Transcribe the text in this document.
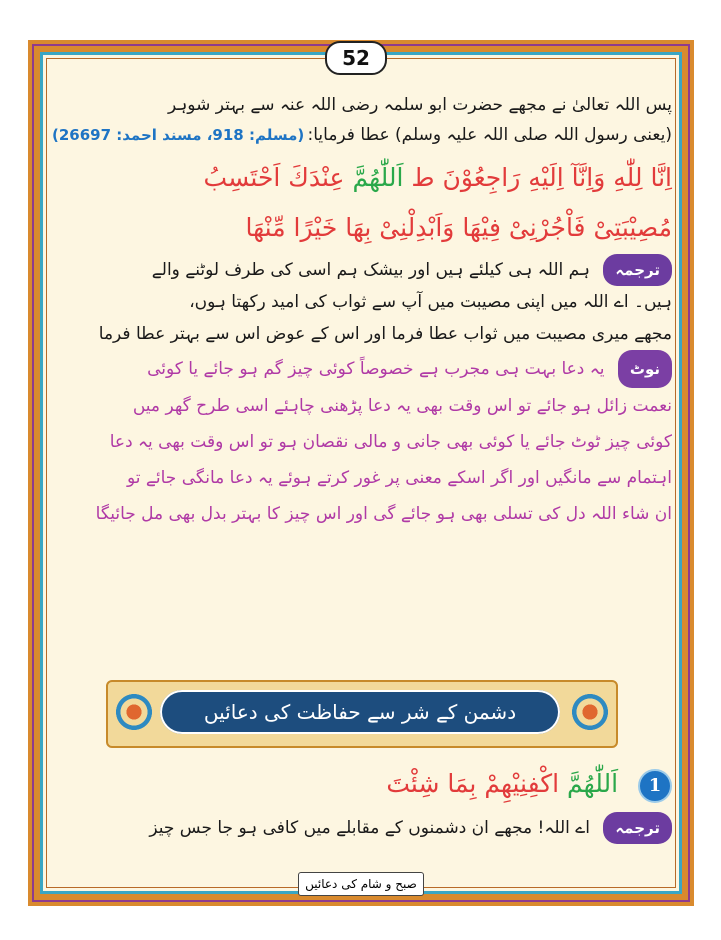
52

پس اللہ تعالیٰ نے مجھے حضرت ابو سلمہ رضی اللہ عنہ سے بہتر شوہر

(یعنی رسول اللہ صلی اللہ علیہ وسلم) عطا فرمایا:
(مسلم: 918، مسند احمد: 26697)

اِنَّا لِلّٰهِ وَاِنَّآ اِلَيْهِ رَاجِعُوْنَ ط اَللّٰهُمَّ عِنْدَكَ اَحْتَسِبُ

مُصِيْبَتِىْ فَاْجُرْنِىْ فِيْهَا وَاَبْدِلْنِىْ بِهَا خَيْرًا مِّنْهَا

ترجمہ ہم اللہ ہی کیلئے ہیں اور بیشک ہم اسی کی طرف لوٹنے والے

ہیں۔ اے اللہ میں اپنی مصیبت میں آپ سے ثواب کی امید رکھتا ہوں،

مجھے میری مصیبت میں ثواب عطا فرما اور اس کے عوض اس سے بہتر عطا فرما

نوٹ یہ دعا بہت ہی مجرب ہے خصوصاً کوئی چیز گم ہو جائے یا کوئی

نعمت زائل ہو جائے تو اس وقت بھی یہ دعا پڑھنی چاہئے اسی طرح گھر میں

کوئی چیز ٹوٹ جائے یا کوئی بھی جانی و مالی نقصان ہو تو اس وقت بھی یہ دعا

اہتمام سے مانگیں اور اگر اسکے معنی پر غور کرتے ہوئے یہ دعا مانگی جائے تو

ان شاء اللہ دل کی تسلی بھی ہو جائے گی اور اس چیز کا بہتر بدل بھی مل جائیگا

دشمن کے شر سے حفاظت کی دعائیں

1 اَللّٰهُمَّ اكْفِنِيْهِمْ بِمَا شِئْتَ

ترجمہ اے اللہ! مجھے ان دشمنوں کے مقابلے میں کافی ہو جا جس چیز

صبح و شام کی دعائیں
